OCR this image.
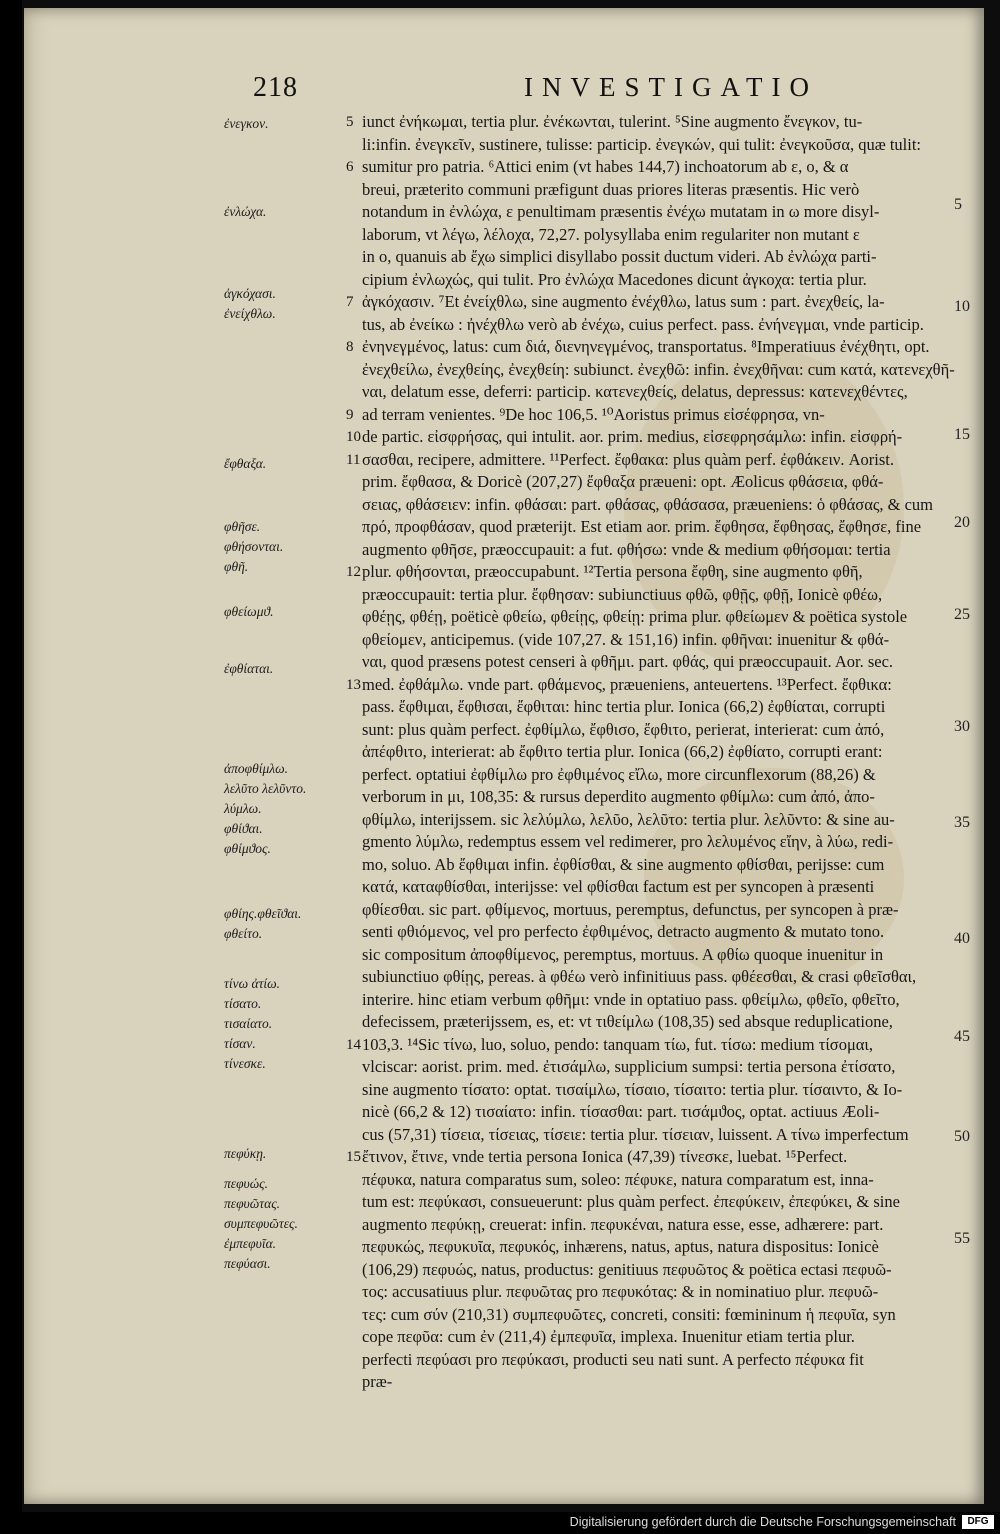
218	INVESTIGATIO
ἐνεγκον.
ἐνλώχα.
ἀγκόχασι.
ἐνείχθλω.
ἔφθαξα.
φθῆσε.
φθήσονται.
φθῆ.
φθείωμϑ.
ἐφθίαται.
ἀποφθίμλω.
λελῦτο λελῦντο.
λύμλω.
φθίϑαι.
φθίμϑος.
φθίης.φθεῖϑαι.
φθείτο.
τίνω ἀτίω.
τίσατο.
τισαίατο.
τίσαν.
τίνεσκε.
πεφύκῃ.
πεφυώς.
πεφυῶτας.
συμπεφυῶτες.
ἐμπεφυῖα.
πεφύασι.
5 iunct ἐνήκωμαι, tertia plur. ἐνέκωνται, tulerint. ⁵Sine augmento ἔνεγκον, tu-
li:infin. ἐνεγκεῖν, sustinere, tulisse: particip. ἐνεγκών, qui tulit: ἐνεγκοῦσα, quæ tulit:
6 sumitur pro patria. ⁶Attici enim (vt habes 144,7) inchoatorum ab ε, ο, & α
breui, præterito communi præfigunt duas priores literas præsentis. Hic verò
notandum in ἐνλώχα, ε penultimam præsentis ἐνέχω mutatam in ω more disyl-
laborum, vt λέγω, λέλοχα, 72,27. polysyllaba enim regulariter non mutant ε
in ο, quanuis ab ἔχω simplici disyllabo possit ductum videri. Ab ἐνλώχα parti-
cipium ἐνλωχώς, qui tulit. Pro ἐνλώχα Macedones dicunt ἀγκοχα: tertia plur.
7 ἀγκόχασιν. ⁷Et ἐνείχθλω, sine augmento ἐνέχθλω, latus sum : part. ἐνεχθείς, la-
tus, ab ἐνείκω : ἠνέχθλω verò ab ἐνέχω, cuius perfect. pass. ἐνήνεγμαι, vnde particip.
8 ἐνηνεγμένος, latus: cum διά, διενηνεγμένος, transportatus. ⁸Imperatiuus ἐνέχθητι, opt.
ἐνεχθείλω, ἐνεχθείης, ἐνεχθείη: subiunct. ἐνεχθῶ: infin. ἐνεχθῆναι: cum κατά, κατενεχθῆ-
ναι, delatum esse, deferri: particip. κατενεχθείς, delatus, depressus: κατενεχθέντες,
9 ad terram venientes. ⁹De hoc 106,5. ¹⁰Aoristus primus εἰσέφρησα, vn-
10 de partic. εἰσφρήσας, qui intulit. aor. prim. medius, εἰσεφρησάμλω: infin. εἰσφρή-
11 σασθαι, recipere, admittere. ¹¹Perfect. ἔφθακα: plus quàm perf. ἐφθάκειν. Aorist.
prim. ἔφθασα, & Doricè (207,27) ἔφθαξα præueni: opt. Æolicus φθάσεια, φθά-
σειας, φθάσειεν: infin. φθάσαι: part. φθάσας, φθάσασα, præueniens: ὁ φθάσας, & cum
πρό, προφθάσαν, quod præterijt. Est etiam aor. prim. ἔφθησα, ἔφθησας, ἔφθησε, fine
augmento φθῆσε, præoccupauit: a fut. φθήσω: vnde & medium φθήσομαι: tertia
12 plur. φθήσονται, præoccupabunt. ¹²Tertia persona ἔφθη, sine augmento φθῆ,
præoccupauit: tertia plur. ἔφθησαν: subiunctiuus φθῶ, φθῇς, φθῇ, Ionicè φθέω,
φθέῃς, φθέῃ, poëticè φθείω, φθείῃς, φθείῃ: prima plur. φθείωμεν & poëtica systole
φθείομεν, anticipemus. (vide 107,27. & 151,16) infin. φθῆναι: inuenitur & φθά-
ναι, quod præsens potest censeri à φθῆμι. part. φθάς, qui præoccupauit. Aor. sec.
13 med. ἐφθάμλω. vnde part. φθάμενος, præueniens, anteuertens. ¹³Perfect. ἔφθικα:
pass. ἔφθιμαι, ἔφθισαι, ἔφθιται: hinc tertia plur. Ionica (66,2) ἐφθίαται, corrupti
sunt: plus quàm perfect. ἐφθίμλω, ἔφθισο, ἔφθιτο, perierat, interierat: cum ἀπό,
ἀπέφθιτο, interierat: ab ἔφθιτο tertia plur. Ionica (66,2) ἐφθίατο, corrupti erant:
perfect. optatiui ἐφθίμλω pro ἐφθιμένος εἴλω, more circunflexorum (88,26) &
verborum in μι, 108,35: & rursus deperdito augmento φθίμλω: cum ἀπό, ἀπο-
φθίμλω, interijssem. sic λελύμλω, λελῦο, λελῦτο: tertia plur. λελῦντο: & sine au-
gmento λύμλω, redemptus essem vel redimerer, pro λελυμένος εἴην, à λύω, redi-
mo, soluo. Ab ἔφθιμαι infin. ἐφθίσθαι, & sine augmento φθίσθαι, perijsse: cum
κατά, καταφθίσθαι, interijsse: vel φθίσθαι factum est per syncopen à præsenti
φθίεσθαι. sic part. φθίμενος, mortuus, peremptus, defunctus, per syncopen à præ-
senti φθιόμενος, vel pro perfecto ἐφθιμένος, detracto augmento & mutato tono.
sic compositum ἀποφθίμενος, peremptus, mortuus. A φθίω quoque inuenitur in
subiunctiuo φθίῃς, pereas. à φθέω verò infinitiuus pass. φθέεσθαι, & crasi φθεῖσθαι,
interire. hinc etiam verbum φθῆμι: vnde in optatiuo pass. φθείμλω, φθεῖο, φθεῖτο,
defecissem, præterijssem, es, et: vt τιθείμλω (108,35) sed absque reduplicatione,
14 103,3. ¹⁴Sic τίνω, luo, soluo, pendo: tanquam τίω, fut. τίσω: medium τίσομαι,
vlciscar: aorist. prim. med. ἐτισάμλω, supplicium sumpsi: tertia persona ἐτίσατο,
sine augmento τίσατο: optat. τισαίμλω, τίσαιο, τίσαιτο: tertia plur. τίσαιντο, & Io-
nicè (66,2 & 12) τισαίατο: infin. τίσασθαι: part. τισάμϑος, optat. actiuus Æoli-
cus (57,31) τίσεια, τίσειας, τίσειε: tertia plur. τίσειαν, luissent. A τίνω imperfectum
15 ἔτινον, ἔτινε, vnde tertia persona Ionica (47,39) τίνεσκε, luebat. ¹⁵Perfect.
πέφυκα, natura comparatus sum, soleo: πέφυκε, natura comparatum est, inna-
tum est: πεφύκασι, consueuerunt: plus quàm perfect. ἐπεφύκειν, ἐπεφύκει, & sine
augmento πεφύκῃ, creuerat: infin. πεφυκέναι, natura esse, esse, adhærere: part.
πεφυκώς, πεφυκυῖα, πεφυκός, inhærens, natus, aptus, natura dispositus: Ionicè
(106,29) πεφυώς, natus, productus: genitiuus πεφυῶτος & poëtica ectasi πεφυῶ-
τος: accusatiuus plur. πεφυῶτας pro πεφυκότας: & in nominatiuo plur. πεφυῶ-
τες: cum σύν (210,31) συμπεφυῶτες, concreti, consiti: fœmininum ἡ πεφυῖα, syn
cope πεφῦα: cum ἐν (211,4) ἐμπεφυῖα, implexa. Inuenitur etiam tertia plur.
perfecti πεφύασι pro πεφύκασι, producti seu nati sunt. A perfecto πέφυκα fit
præ-
5
10
15
20
25
30
35
40
45
50
55
Digitalisierung gefördert durch die Deutsche Forschungsgemeinschaft	DFG
